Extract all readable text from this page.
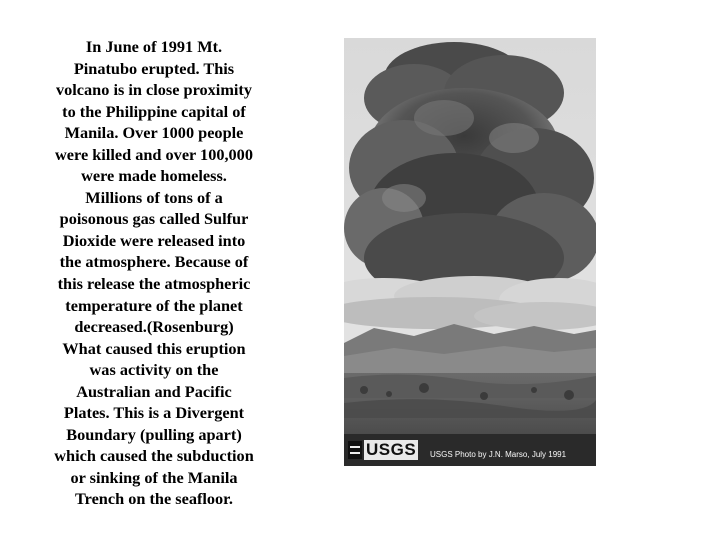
In June of 1991 Mt.
Pinatubo erupted. This
volcano is in close proximity
to the Philippine capital of
Manila. Over 1000 people
were killed and over 100,000
were made homeless.
Millions of tons of a
poisonous gas called Sulfur
Dioxide were released into
the atmosphere. Because of
this release the atmospheric
temperature of the planet
decreased.(Rosenburg)
What caused this eruption
was activity on the
Australian and Pacific
Plates. This is a Divergent
Boundary (pulling apart)
which caused the subduction
or sinking of the Manila
Trench on the seafloor.

USGS USGS Photo by J.N. Marso, July 1991
